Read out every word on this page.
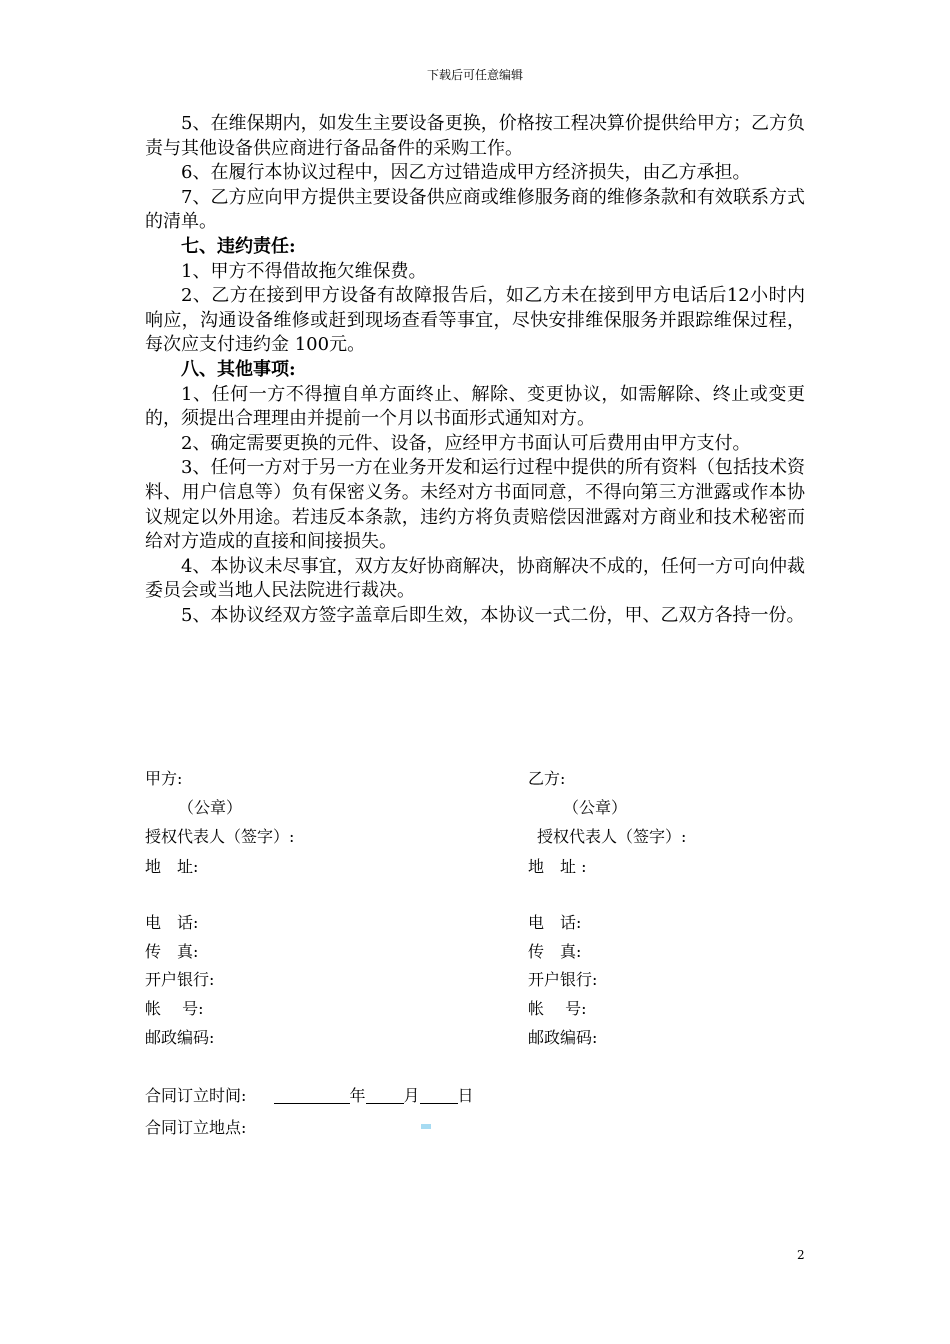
下载后可任意编辑

5、在维保期内，如发生主要设备更换，价格按工程决算价提供给甲方；乙方负责与其他设备供应商进行备品备件的采购工作。

6、在履行本协议过程中，因乙方过错造成甲方经济损失，由乙方承担。

7、乙方应向甲方提供主要设备供应商或维修服务商的维修条款和有效联系方式的清单。

七、违约责任:

1、甲方不得借故拖欠维保费。

2、乙方在接到甲方设备有故障报告后，如乙方未在接到甲方电话后12小时内响应，沟通设备维修或赶到现场查看等事宜，尽快安排维保服务并跟踪维保过程，每次应支付违约金 100元。

八、其他事项:

1、任何一方不得擅自单方面终止、解除、变更协议，如需解除、终止或变更的，须提出合理理由并提前一个月以书面形式通知对方。

2、确定需要更换的元件、设备，应经甲方书面认可后费用由甲方支付。

3、任何一方对于另一方在业务开发和运行过程中提供的所有资料（包括技术资料、用户信息等）负有保密义务。未经对方书面同意，不得向第三方泄露或作本协议规定以外用途。若违反本条款，违约方将负责赔偿因泄露对方商业和技术秘密而给对方造成的直接和间接损失。

4、本协议未尽事宜，双方友好协商解决，协商解决不成的，任何一方可向仲裁委员会或当地人民法院进行裁决。

5、本协议经双方签字盖章后即生效，本协议一式二份，甲、乙双方各持一份。

甲方:
（公章）
授权代表人（签字）:
地　址:
电　话:
传　真:
开户银行:
帐　 号:
邮政编码:
乙方:
（公章）
授权代表人（签字）:
地　址 :
电　话:
传　真:
开户银行:
帐　 号:
邮政编码:
合同订立时间:	年 月 日
合同订立地点:
2
